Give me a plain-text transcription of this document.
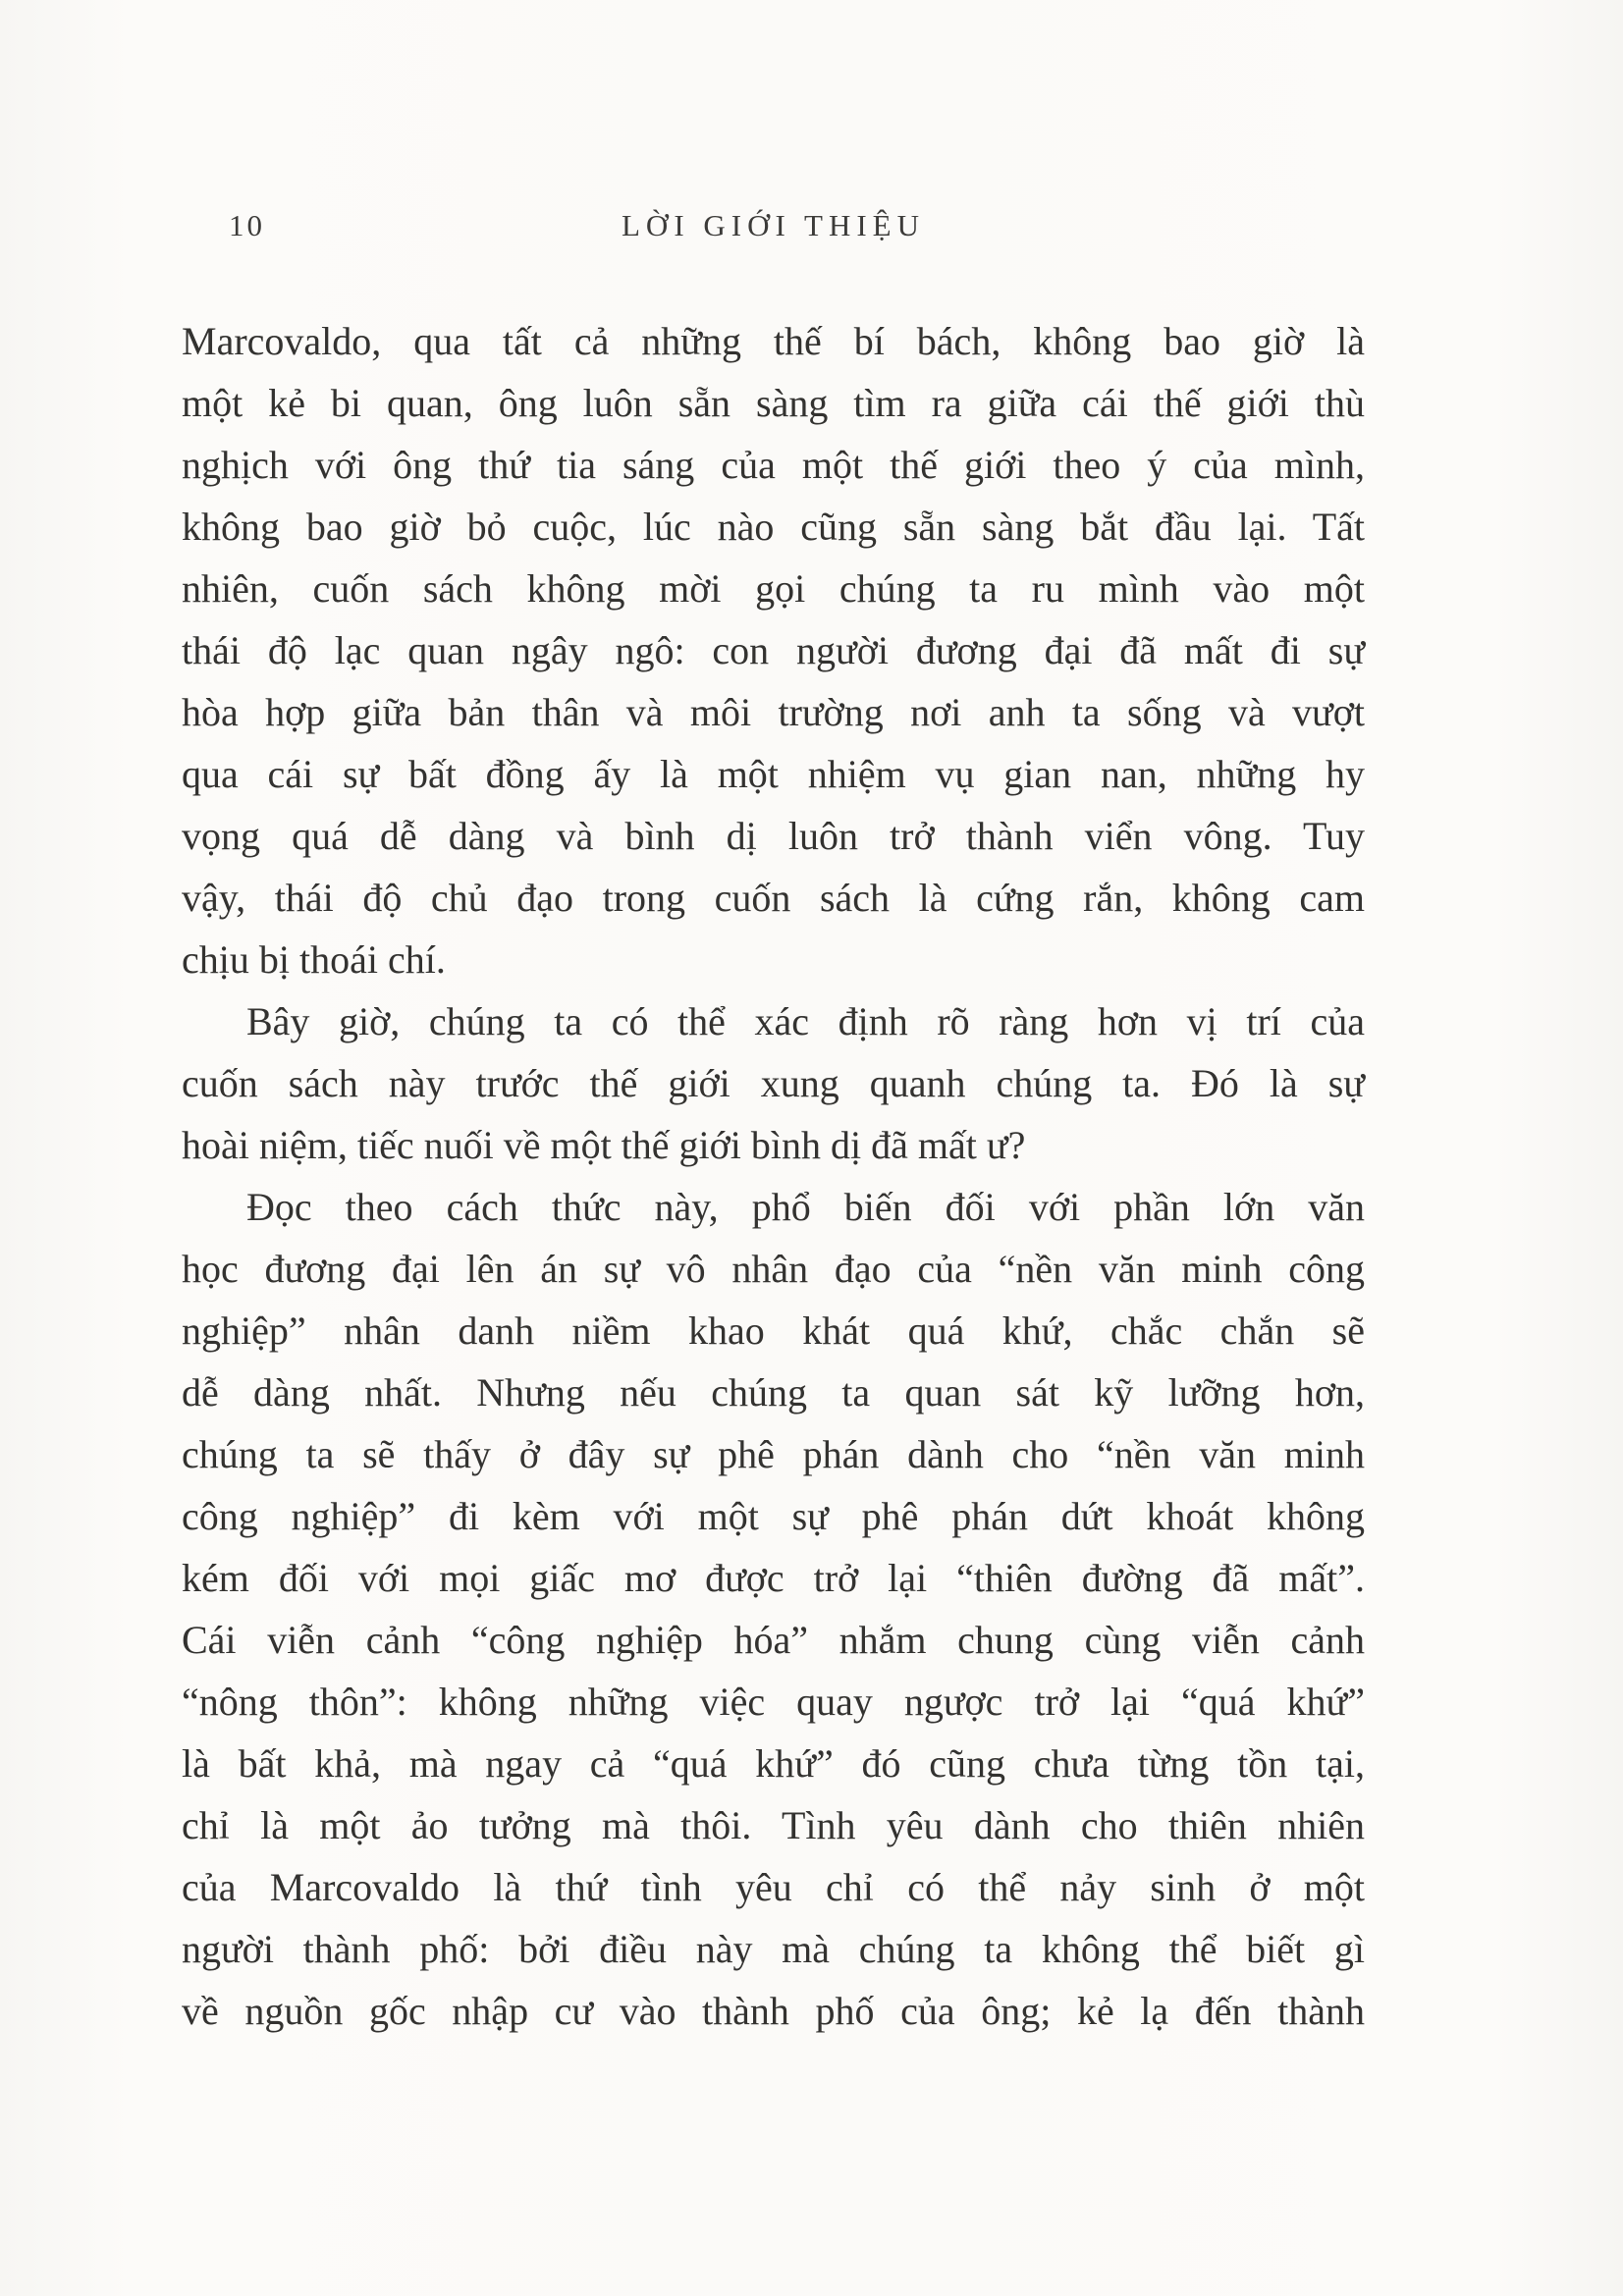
10	LỜI GIỚI THIỆU
Marcovaldo, qua tất cả những thế bí bách, không bao giờ là
một kẻ bi quan, ông luôn sẵn sàng tìm ra giữa cái thế giới thù
nghịch với ông thứ tia sáng của một thế giới theo ý của mình,
không bao giờ bỏ cuộc, lúc nào cũng sẵn sàng bắt đầu lại. Tất
nhiên, cuốn sách không mời gọi chúng ta ru mình vào một
thái độ lạc quan ngây ngô: con người đương đại đã mất đi sự
hòa hợp giữa bản thân và môi trường nơi anh ta sống và vượt
qua cái sự bất đồng ấy là một nhiệm vụ gian nan, những hy
vọng quá dễ dàng và bình dị luôn trở thành viển vông. Tuy
vậy, thái độ chủ đạo trong cuốn sách là cứng rắn, không cam
chịu bị thoái chí.
Bây giờ, chúng ta có thể xác định rõ ràng hơn vị trí của
cuốn sách này trước thế giới xung quanh chúng ta. Đó là sự
hoài niệm, tiếc nuối về một thế giới bình dị đã mất ư?
Đọc theo cách thức này, phổ biến đối với phần lớn văn
học đương đại lên án sự vô nhân đạo của “nền văn minh công
nghiệp” nhân danh niềm khao khát quá khứ, chắc chắn sẽ
dễ dàng nhất. Nhưng nếu chúng ta quan sát kỹ lưỡng hơn,
chúng ta sẽ thấy ở đây sự phê phán dành cho “nền văn minh
công nghiệp” đi kèm với một sự phê phán dứt khoát không
kém đối với mọi giấc mơ được trở lại “thiên đường đã mất”.
Cái viễn cảnh “công nghiệp hóa” nhắm chung cùng viễn cảnh
“nông thôn”: không những việc quay ngược trở lại “quá khứ”
là bất khả, mà ngay cả “quá khứ” đó cũng chưa từng tồn tại,
chỉ là một ảo tưởng mà thôi. Tình yêu dành cho thiên nhiên
của Marcovaldo là thứ tình yêu chỉ có thể nảy sinh ở một
người thành phố: bởi điều này mà chúng ta không thể biết gì
về nguồn gốc nhập cư vào thành phố của ông; kẻ lạ đến thành
